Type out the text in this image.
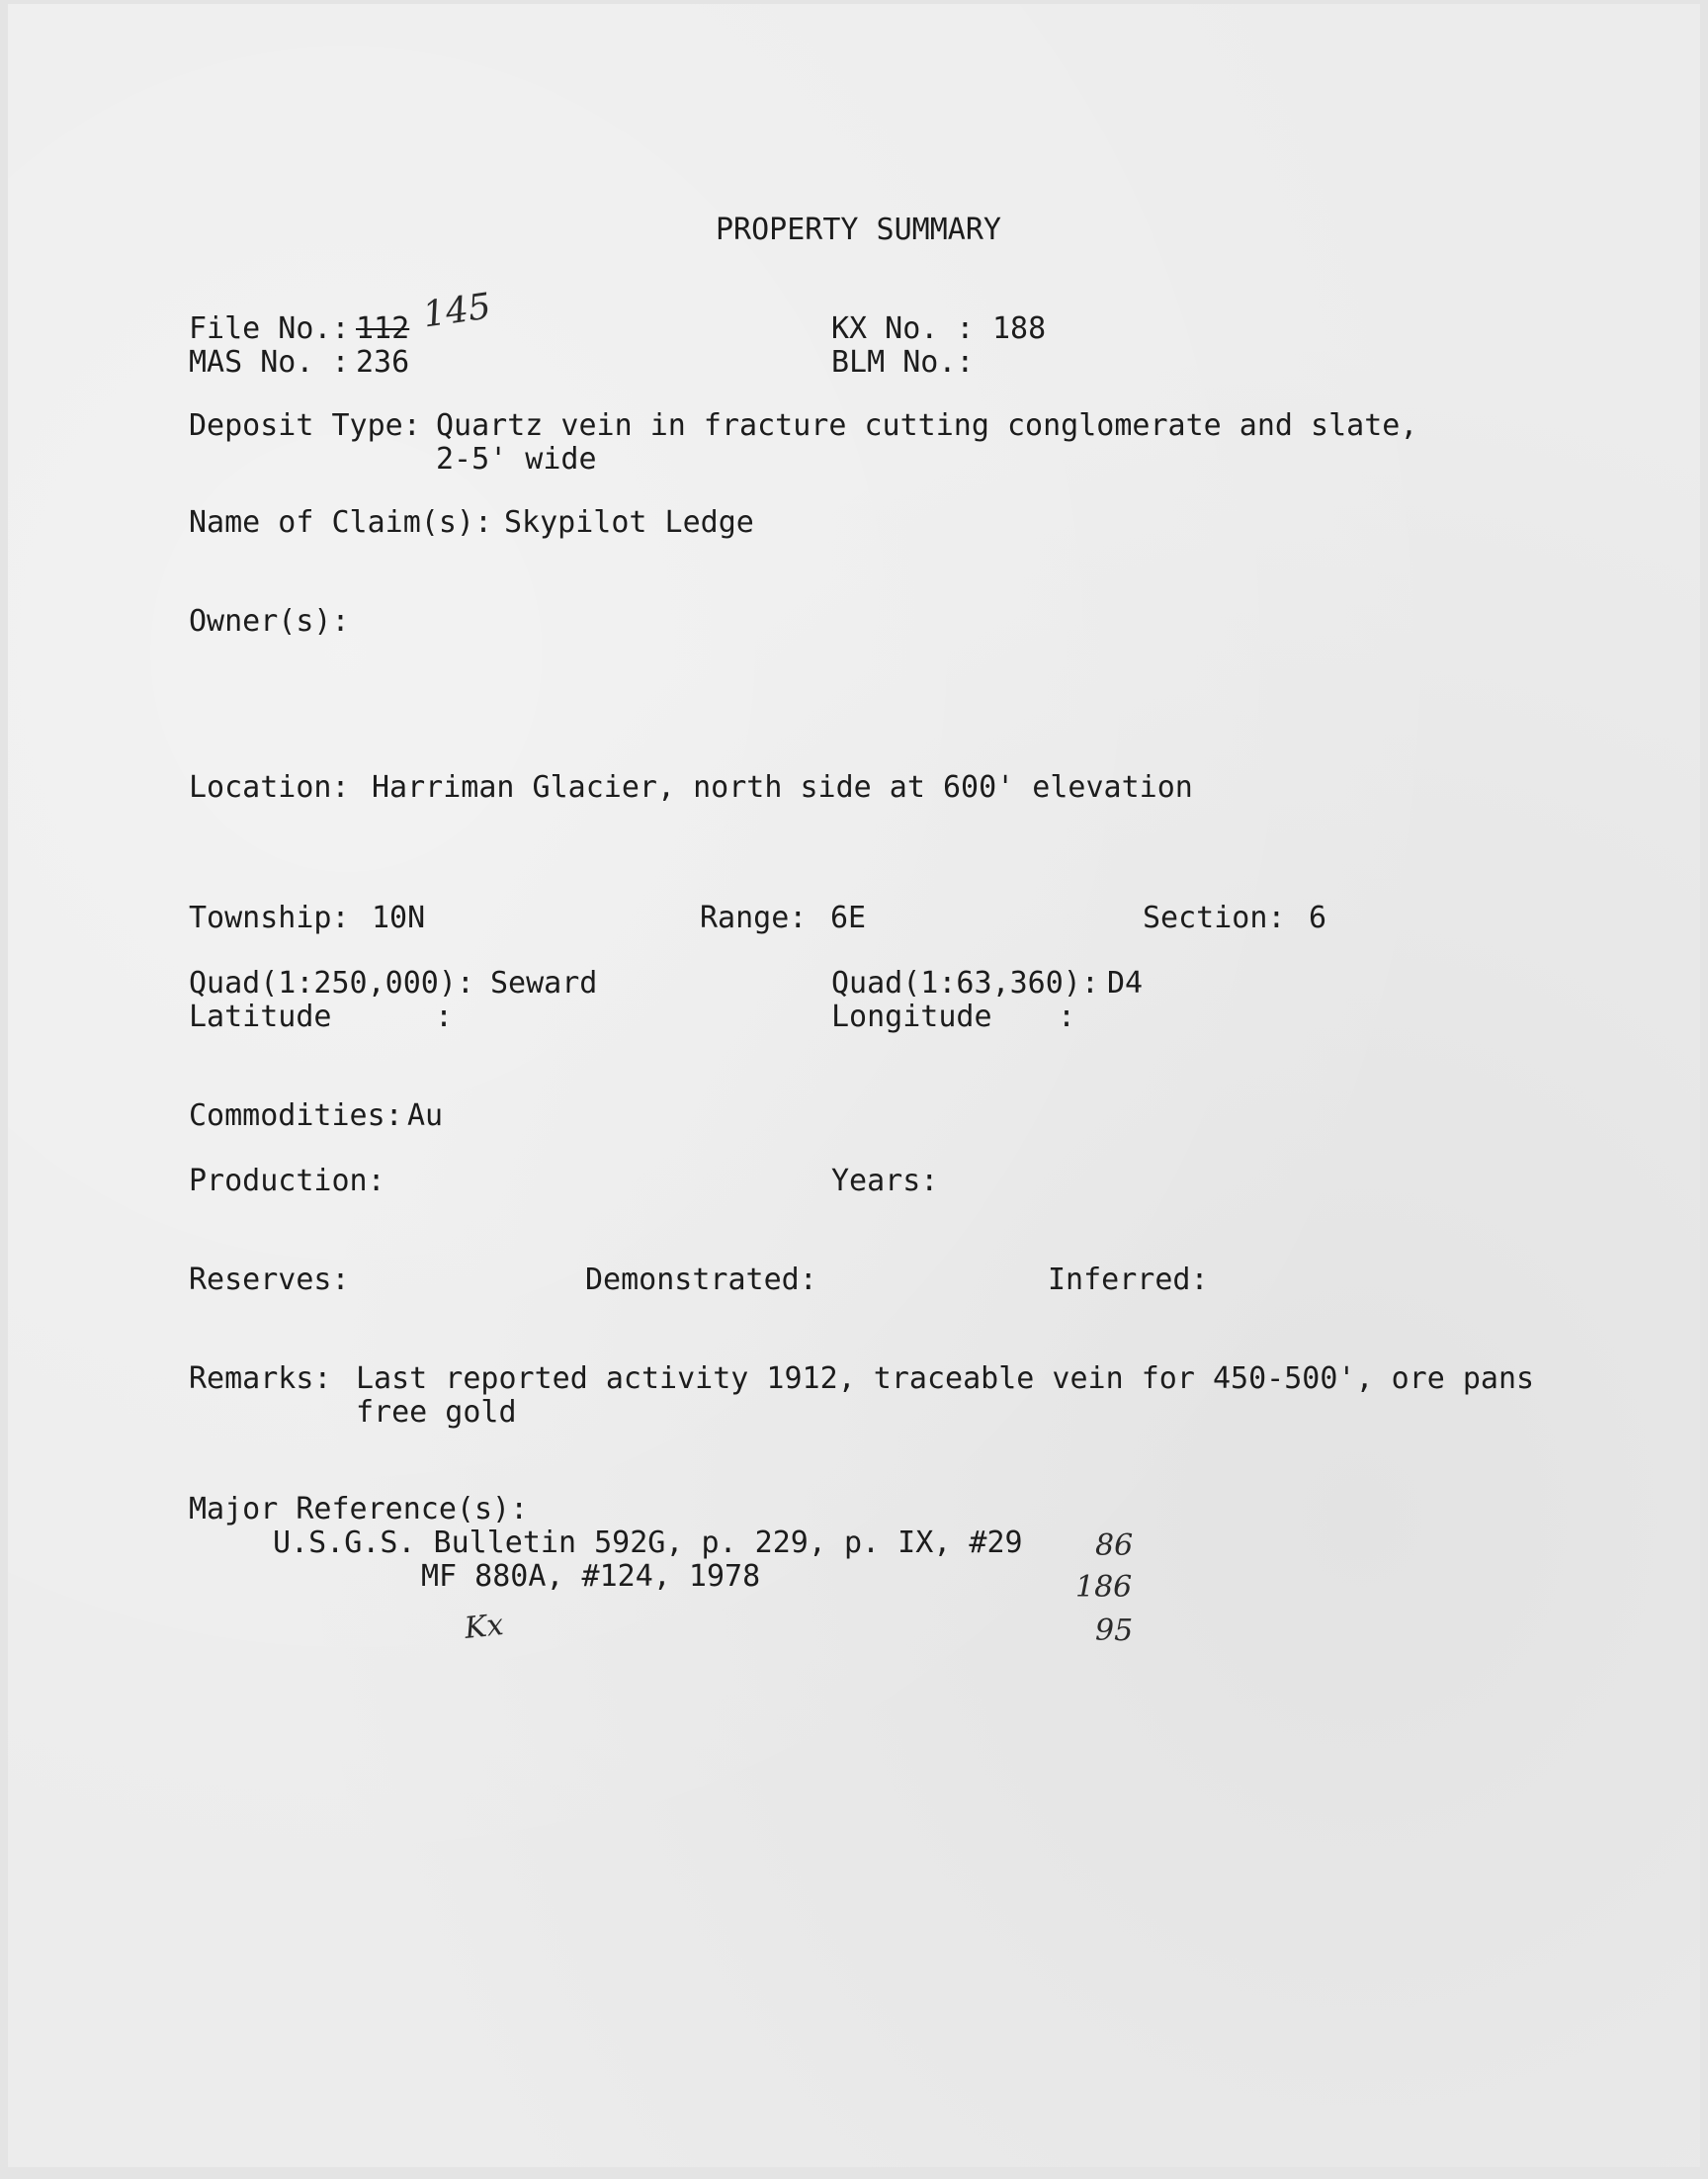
PROPERTY SUMMARY
File No.: 112 145	KX No. : 188
MAS No. : 236	BLM No.:
Deposit Type: Quartz vein in fracture cutting conglomerate and slate,
2-5' wide
Name of Claim(s): Skypilot Ledge
Owner(s):
Location: Harriman Glacier, north side at 600' elevation
Township: 10N	Range: 6E	Section: 6
Quad(1:250,000): Seward	Quad(1:63,360): D4
Latitude	:	Longitude :
Commodities: Au
Production:	Years:
Reserves:	Demonstrated:	Inferred:
Remarks: Last reported activity 1912, traceable vein for 450-500', ore pans
free gold
Major Reference(s):
U.S.G.S. Bulletin 592G, p. 229, p. IX, #29
MF 880A, #124, 1978
Kx
86
186
95
